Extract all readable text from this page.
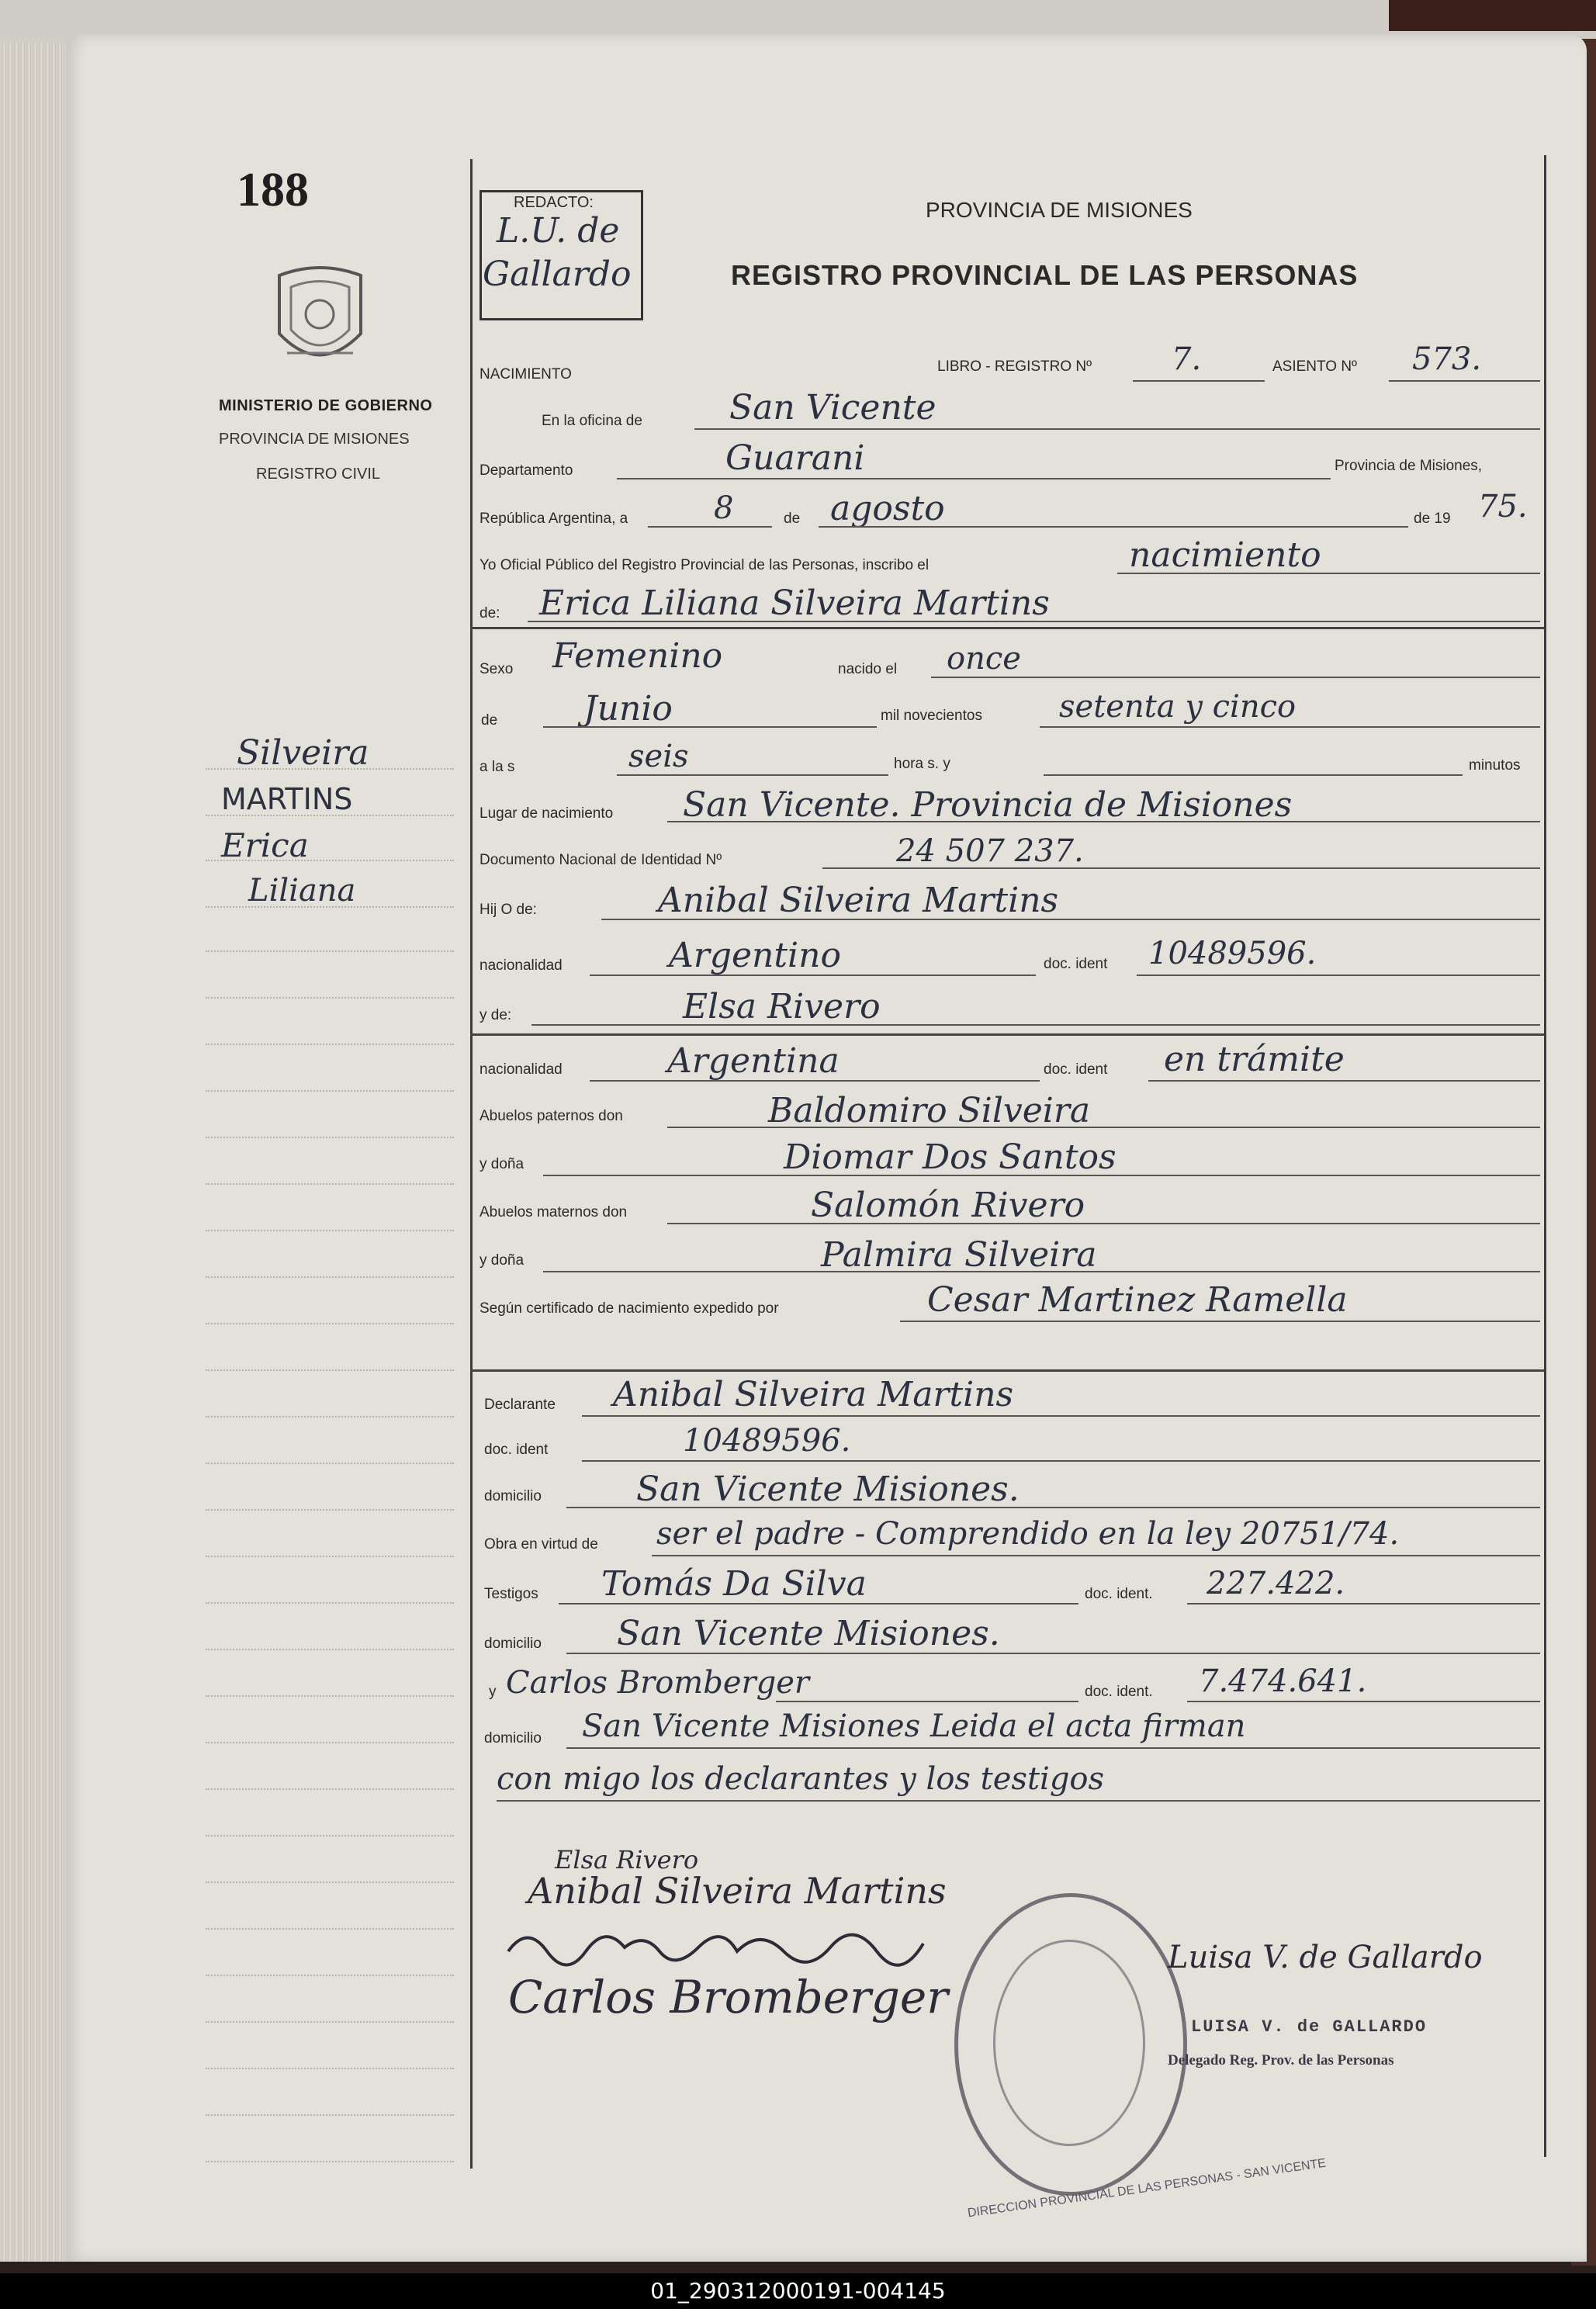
188
MINISTERIO DE GOBIERNO
PROVINCIA DE MISIONES
REGISTRO CIVIL
Silveira
MARTINS
Erica
Liliana
REDACTO:
L.U. de
Gallardo
PROVINCIA DE MISIONES
REGISTRO PROVINCIAL DE LAS PERSONAS
NACIMIENTO	LIBRO - REGISTRO Nº	7.	ASIENTO Nº 573.
En la oficina de	San Vicente
Departamento	Guarani	Provincia de Misiones,
República Argentina, a	8	de agosto	de 19 75.
Yo Oficial Público del Registro Provincial de las Personas, inscribo el	nacimiento
de: Erica Liliana Silveira Martins
Sexo Femenino	nacido el once
de	Junio	mil novecientos setenta y cinco
a la s	seis	hora s. y	minutos
Lugar de nacimiento San Vicente. Provincia de Misiones
Documento Nacional de Identidad Nº	24 507 237.
Hij O de:	Anibal Silveira Martins
nacionalidad	Argentino	doc. ident 10489596.
y de:	Elsa Rivero
nacionalidad	Argentina	doc. ident en trámite
Abuelos paternos don	Baldomiro Silveira
y doña	Diomar Dos Santos
Abuelos maternos don	Salomón Rivero
y doña	Palmira Silveira
Según certificado de nacimiento expedido por	Cesar Martinez Ramella
Declarante Anibal Silveira Martins
doc. ident	10489596.
domicilio	San Vicente Misiones.
Obra en virtud de ser el padre - Comprendido en la ley 20751/74.
Testigos Tomás Da Silva	doc. ident. 227.422.
domicilio San Vicente Misiones.
y Carlos Bromberger	doc. ident. 7.474.641.
domicilio San Vicente Misiones Leida el acta firman
con migo los declarantes y los testigos
Elsa Rivero
Anibal Silveira Martins
Carlos Bromberger
DIRECCION PROVINCIAL DE LAS PERSONAS - SAN VICENTE
Luisa V. de Gallardo
LUISA V. de GALLARDO
Delegado Reg. Prov. de las Personas
01_290312000191-004145
